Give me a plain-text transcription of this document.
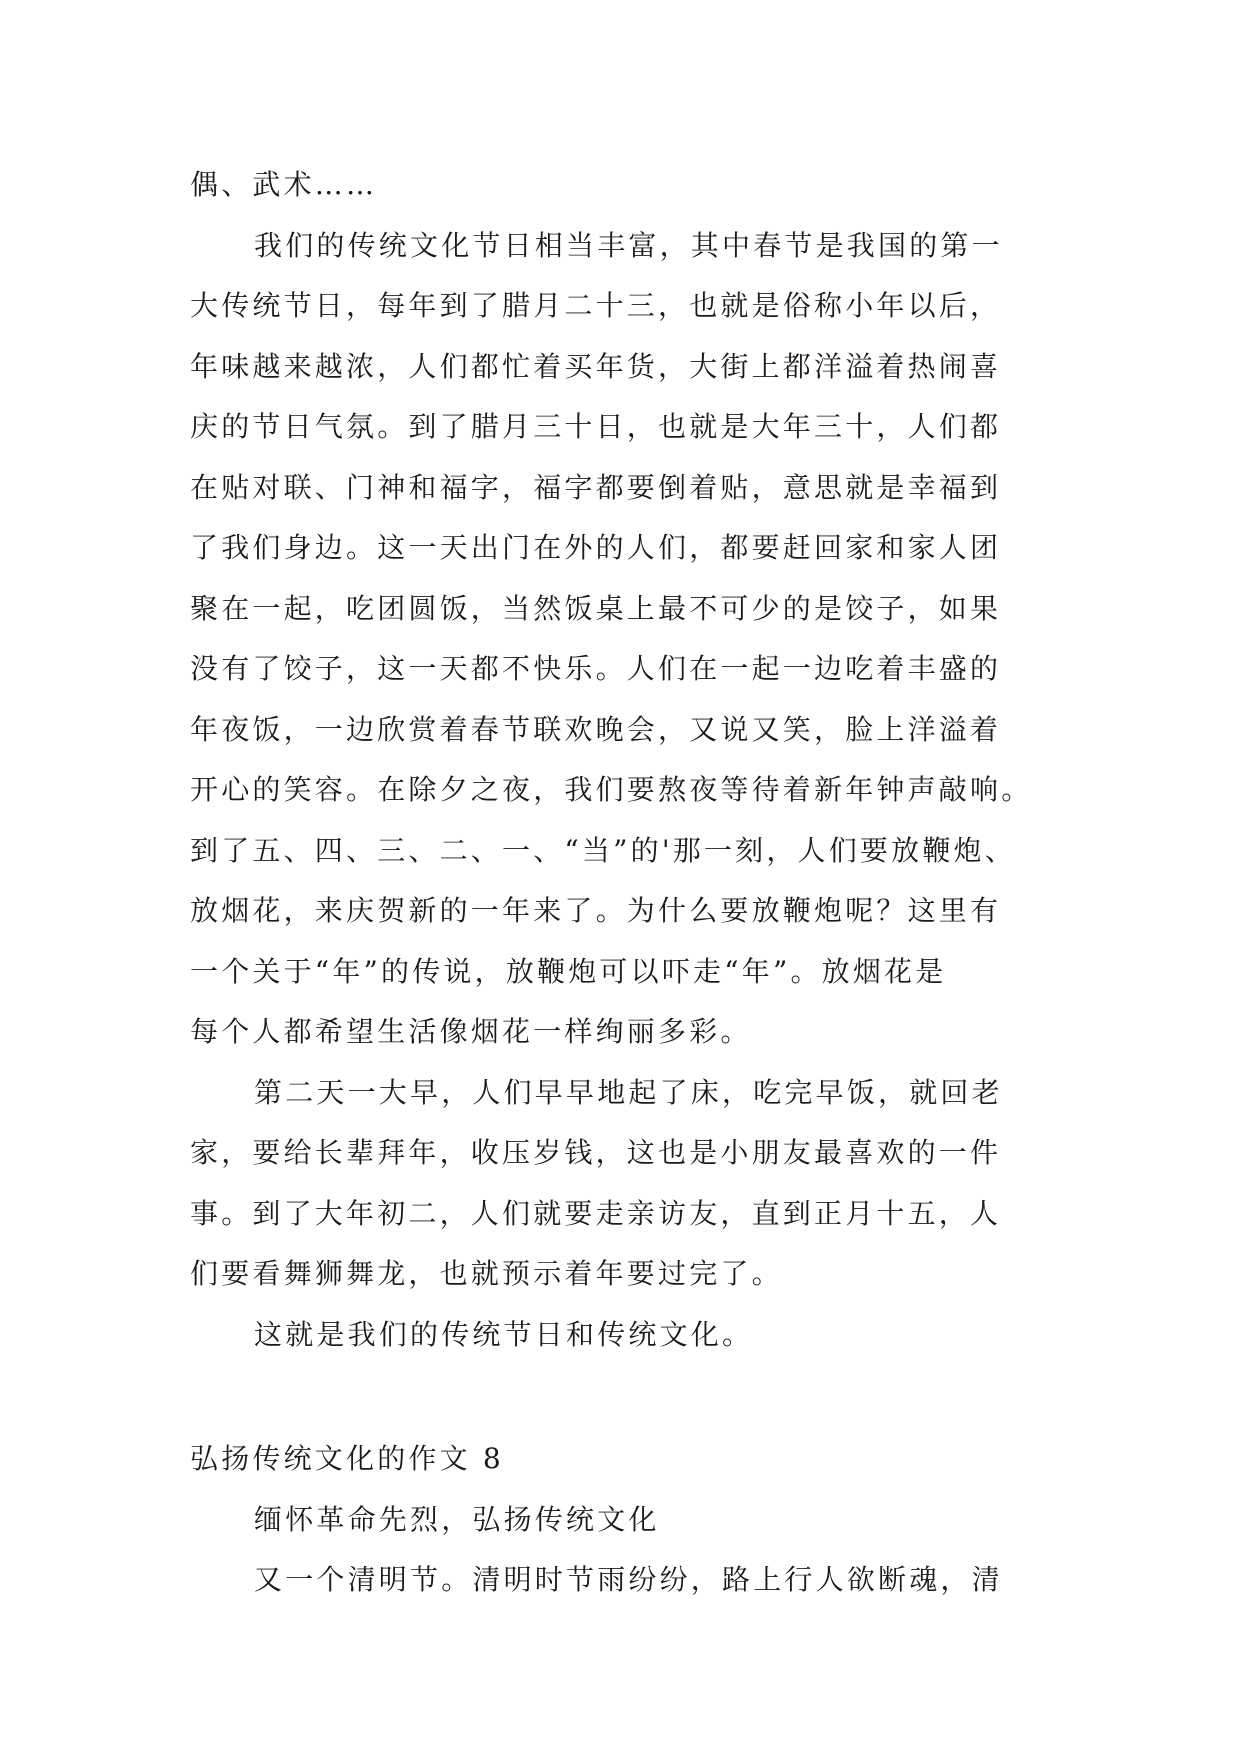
偶、武术……
我们的传统文化节日相当丰富，其中春节是我国的第一
大传统节日，每年到了腊月二十三，也就是俗称小年以后，
年味越来越浓，人们都忙着买年货，大街上都洋溢着热闹喜
庆的节日气氛。到了腊月三十日，也就是大年三十，人们都
在贴对联、门神和福字，福字都要倒着贴，意思就是幸福到
了我们身边。这一天出门在外的人们，都要赶回家和家人团
聚在一起，吃团圆饭，当然饭桌上最不可少的是饺子，如果
没有了饺子，这一天都不快乐。人们在一起一边吃着丰盛的
年夜饭，一边欣赏着春节联欢晚会，又说又笑，脸上洋溢着
开心的笑容。在除夕之夜，我们要熬夜等待着新年钟声敲响。
到了五、四、三、二、一、“当”的'那一刻，人们要放鞭炮、
放烟花，来庆贺新的一年来了。为什么要放鞭炮呢？这里有
一个关于“年”的传说，放鞭炮可以吓走“年”。放烟花是
每个人都希望生活像烟花一样绚丽多彩。
第二天一大早，人们早早地起了床，吃完早饭，就回老
家，要给长辈拜年，收压岁钱，这也是小朋友最喜欢的一件
事。到了大年初二，人们就要走亲访友，直到正月十五，人
们要看舞狮舞龙，也就预示着年要过完了。
这就是我们的传统节日和传统文化。
弘扬传统文化的作文 8
缅怀革命先烈，弘扬传统文化
又一个清明节。清明时节雨纷纷，路上行人欲断魂，清
